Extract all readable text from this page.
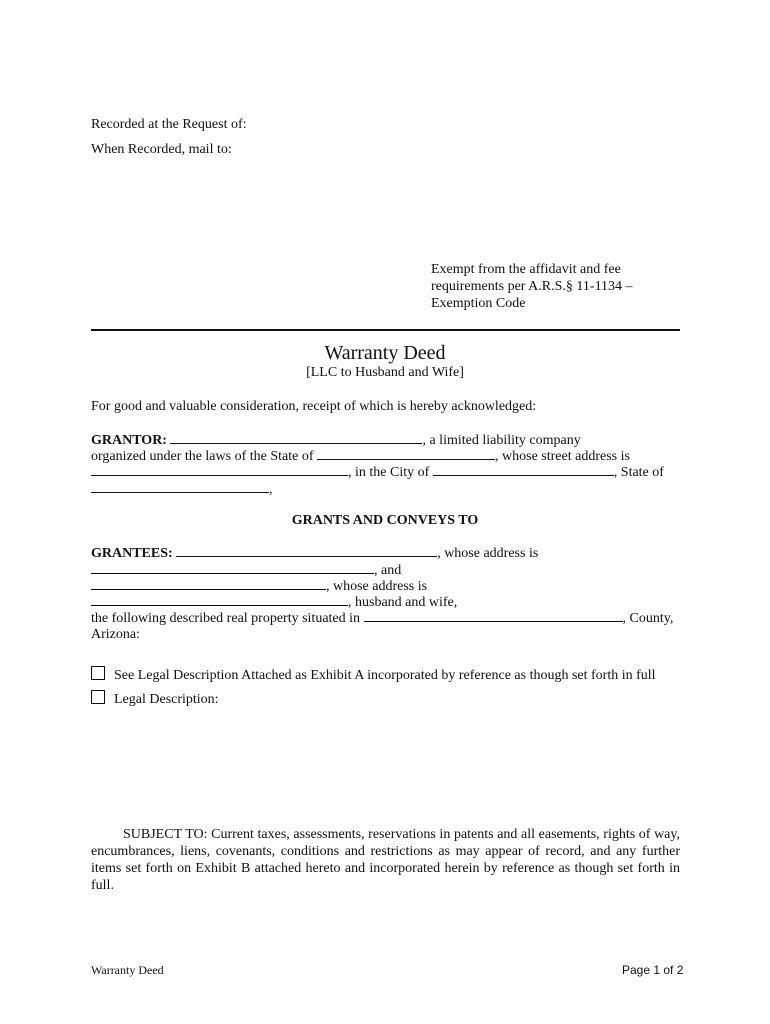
Recorded at the Request of:
When Recorded, mail to:
Exempt from the affidavit and fee
requirements per A.R.S.§ 11-1134 –
Exemption Code
Warranty Deed
[LLC to Husband and Wife]
For good and valuable consideration, receipt of which is hereby acknowledged:
GRANTOR:	, a limited liability company
organized under the laws of the State of	, whose street address is
, in the City of	, State of
,
GRANTS AND CONVEYS TO
GRANTEES:	, whose address is
, and
, whose address is
, husband and wife,
the following described real property situated in	, County,
Arizona:
See Legal Description Attached as Exhibit A incorporated by reference as though set forth in full
Legal Description:
SUBJECT TO: Current taxes, assessments, reservations in patents and all easements, rights of way, encumbrances, liens, covenants, conditions and restrictions as may appear of record, and any further items set forth on Exhibit B attached hereto and incorporated herein by reference as though set forth in full.
Warranty Deed	Page 1 of 2
